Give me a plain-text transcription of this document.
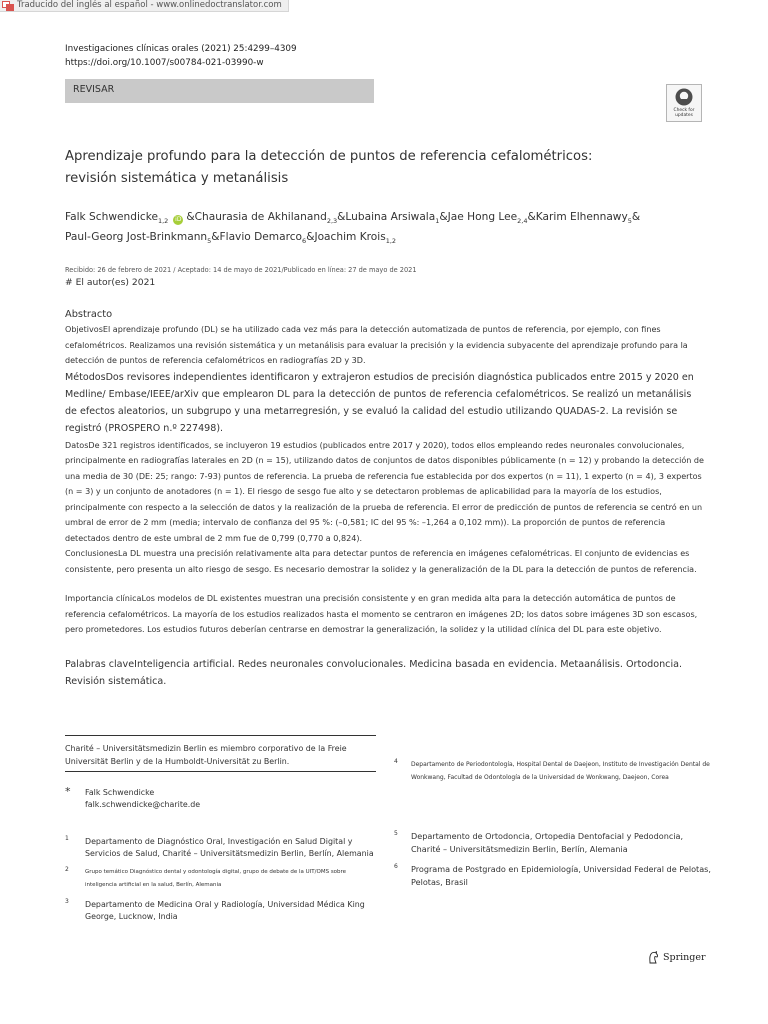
Traducido del inglés al español - www.onlinedoctranslator.com
Investigaciones clínicas orales (2021) 25:4299–4309
https://doi.org/10.1007/s00784-021-03990-w
REVISAR
Check for updates
Aprendizaje profundo para la detección de puntos de referencia cefalométricos:
revisión sistemática y metanálisis
Falk Schwendicke$_{1,2}$ iD &Chaurasia de Akhilanand$_{2,3}$&Lubaina Arsiwala$_1$&Jae Hong Lee$_{2,4}$&Karim Elhennawy$_5$&
Paul-Georg Jost-Brinkmann$_5$&Flavio Demarco$_6$&Joachim Krois$_{1,2}$
Recibido: 26 de febrero de 2021 / Aceptado: 14 de mayo de 2021/Publicado en línea: 27 de mayo de 2021
# El autor(es) 2021
Abstracto

ObjetivosEl aprendizaje profundo (DL) se ha utilizado cada vez más para la detección automatizada de puntos de referencia, por ejemplo, con fines cefalométricos. Realizamos una revisión sistemática y un metanálisis para evaluar la precisión y la evidencia subyacente del aprendizaje profundo para la detección de puntos de referencia cefalométricos en radiografías 2D y 3D.

MétodosDos revisores independientes identificaron y extrajeron estudios de precisión diagnóstica publicados entre 2015 y 2020 en Medline/ Embase/IEEE/arXiv que emplearon DL para la detección de puntos de referencia cefalométricos. Se realizó un metanálisis de efectos aleatorios, un subgrupo y una metarregresión, y se evaluó la calidad del estudio utilizando QUADAS-2. La revisión se registró (PROSPERO n.º 227498).

DatosDe 321 registros identificados, se incluyeron 19 estudios (publicados entre 2017 y 2020), todos ellos empleando redes neuronales convolucionales, principalmente en radiografías laterales en 2D (n = 15), utilizando datos de conjuntos de datos disponibles públicamente (n = 12) y probando la detección de una media de 30 (DE: 25; rango: 7-93) puntos de referencia. La prueba de referencia fue establecida por dos expertos (n = 11), 1 experto (n = 4), 3 expertos (n = 3) y un conjunto de anotadores (n = 1). El riesgo de sesgo fue alto y se detectaron problemas de aplicabilidad para la mayoría de los estudios, principalmente con respecto a la selección de datos y la realización de la prueba de referencia. El error de predicción de puntos de referencia se centró en un umbral de error de 2 mm (media; intervalo de confianza del 95 %: (–0,581; IC del 95 %: –1,264 a 0,102 mm)). La proporción de puntos de referencia detectados dentro de este umbral de 2 mm fue de 0,799 (0,770 a 0,824).

ConclusionesLa DL muestra una precisión relativamente alta para detectar puntos de referencia en imágenes cefalométricas. El conjunto de evidencias es consistente, pero presenta un alto riesgo de sesgo. Es necesario demostrar la solidez y la generalización de la DL para la detección de puntos de referencia.

Importancia clínicaLos modelos de DL existentes muestran una precisión consistente y en gran medida alta para la detección automática de puntos de referencia cefalométricos. La mayoría de los estudios realizados hasta el momento se centraron en imágenes 2D; los datos sobre imágenes 3D son escasos, pero prometedores. Los estudios futuros deberían centrarse en demostrar la generalización, la solidez y la utilidad clínica del DL para este objetivo.

Palabras claveInteligencia artificial. Redes neuronales convolucionales. Medicina basada en evidencia. Metaanálisis. Ortodoncia. Revisión sistemática.
Charité – Universitätsmedizin Berlin es miembro corporativo de la Freie Universität Berlin y de la Humboldt-Universität zu Berlin.
* Falk Schwendicke
falk.schwendicke@charite.de
1 Departamento de Diagnóstico Oral, Investigación en Salud Digital y Servicios de Salud, Charité – Universitätsmedizin Berlin, Berlín, Alemania
2	Grupo temático Diagnóstico dental y odontología digital, grupo de debate de la UIT/OMS sobre inteligencia artificial en la salud, Berlín, Alemania
3 Departamento de Medicina Oral y Radiología, Universidad Médica King George, Lucknow, India
4 Departamento de Periodontología, Hospital Dental de Daejeon, Instituto de Investigación Dental de Wonkwang, Facultad de Odontología de la Universidad de Wonkwang, Daejeon, Corea
5 Departamento de Ortodoncia, Ortopedia Dentofacial y Pedodoncia, Charité – Universitätsmedizin Berlin, Berlín, Alemania
6 Programa de Postgrado en Epidemiología, Universidad Federal de Pelotas, Pelotas, Brasil
Springer
